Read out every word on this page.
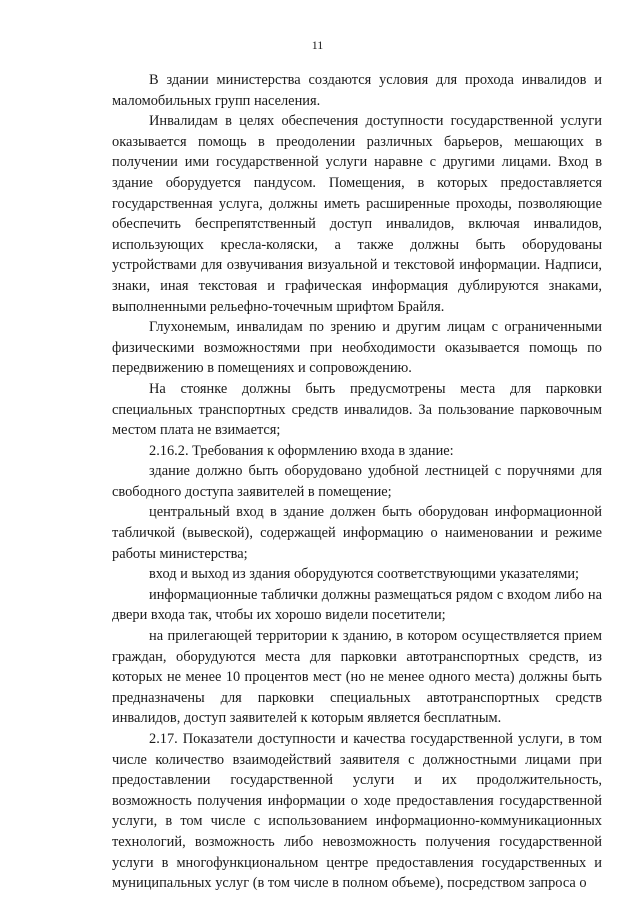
11

В здании министерства создаются условия для прохода инвалидов и маломобильных групп населения.

Инвалидам в целях обеспечения доступности государственной услуги оказывается помощь в преодолении различных барьеров, мешающих в получении ими государственной услуги наравне с другими лицами. Вход в здание оборудуется пандусом. Помещения, в которых предоставляется государственная услуга, должны иметь расширенные проходы, позволяющие обеспечить беспрепятственный доступ инвалидов, включая инвалидов, использующих кресла-коляски, а также должны быть оборудованы устройствами для озвучивания визуальной и текстовой информации. Надписи, знаки, иная текстовая и графическая информация дублируются знаками, выполненными рельефно-точечным шрифтом Брайля.

Глухонемым, инвалидам по зрению и другим лицам с ограниченными физическими возможностями при необходимости оказывается помощь по передвижению в помещениях и сопровождению.

На стоянке должны быть предусмотрены места для парковки специальных транспортных средств инвалидов. За пользование парковочным местом плата не взимается;

2.16.2. Требования к оформлению входа в здание:

здание должно быть оборудовано удобной лестницей с поручнями для свободного доступа заявителей в помещение;

центральный вход в здание должен быть оборудован информационной табличкой (вывеской), содержащей информацию о наименовании и режиме работы министерства;

вход и выход из здания оборудуются соответствующими указателями;

информационные таблички должны размещаться рядом с входом либо на двери входа так, чтобы их хорошо видели посетители;

на прилегающей территории к зданию, в котором осуществляется прием граждан, оборудуются места для парковки автотранспортных средств, из которых не менее 10 процентов мест (но не менее одного места) должны быть предназначены для парковки специальных автотранспортных средств инвалидов, доступ заявителей к которым является бесплатным.

2.17. Показатели доступности и качества государственной услуги, в том числе количество взаимодействий заявителя с должностными лицами при предоставлении государственной услуги и их продолжительность, возможность получения информации о ходе предоставления государственной услуги, в том числе с использованием информационно-коммуникационных технологий, возможность либо невозможность получения государственной услуги в многофункциональном центре предоставления государственных и муниципальных услуг (в том числе в полном объеме), посредством запроса о
